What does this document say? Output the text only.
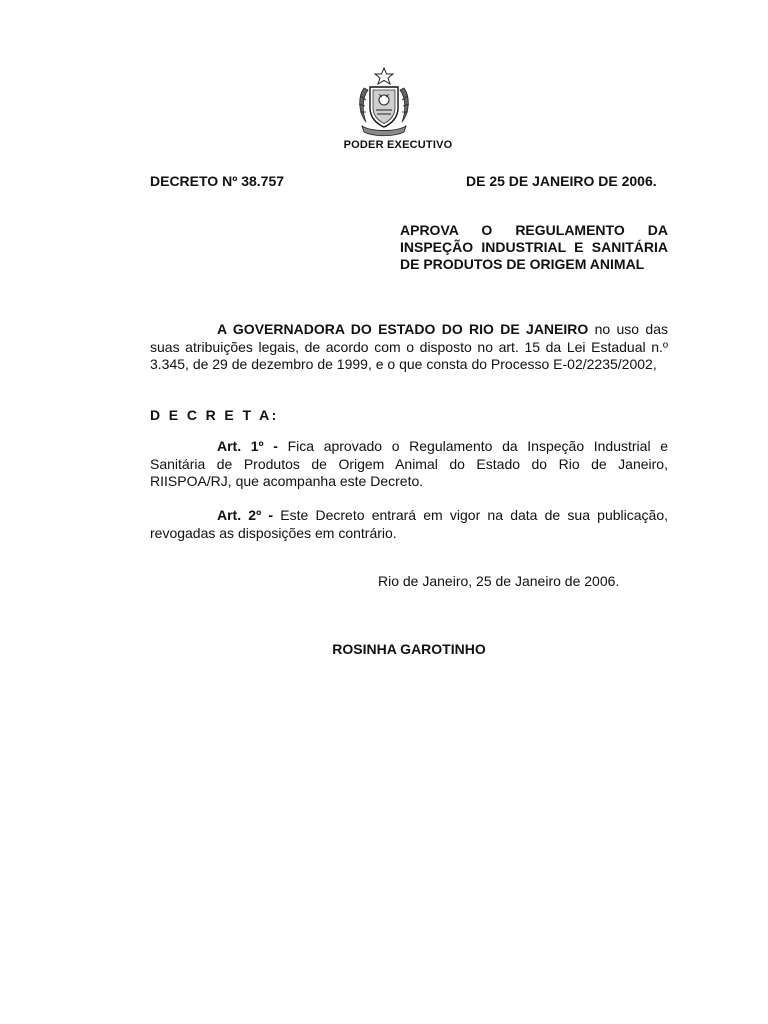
PODER EXECUTIVO
DECRETO Nº 38.757	DE 25 DE JANEIRO DE 2006.
APROVA O REGULAMENTO DA
INSPEÇÃO INDUSTRIAL E SANITÁRIA
DE PRODUTOS DE ORIGEM ANIMAL
A GOVERNADORA DO ESTADO DO RIO DE JANEIRO no uso das suas atribuições legais, de acordo com o disposto no art. 15 da Lei Estadual n.º 3.345, de 29 de dezembro de 1999, e o que consta do Processo E-02/2235/2002,
D E C R E T A:
Art. 1º - Fica aprovado o Regulamento da Inspeção Industrial e Sanitária de Produtos de Origem Animal do Estado do Rio de Janeiro, RIISPOA/RJ, que acompanha este Decreto.
Art. 2º - Este Decreto entrará em vigor na data de sua publicação, revogadas as disposições em contrário.
Rio de Janeiro, 25 de Janeiro de 2006.
ROSINHA GAROTINHO
